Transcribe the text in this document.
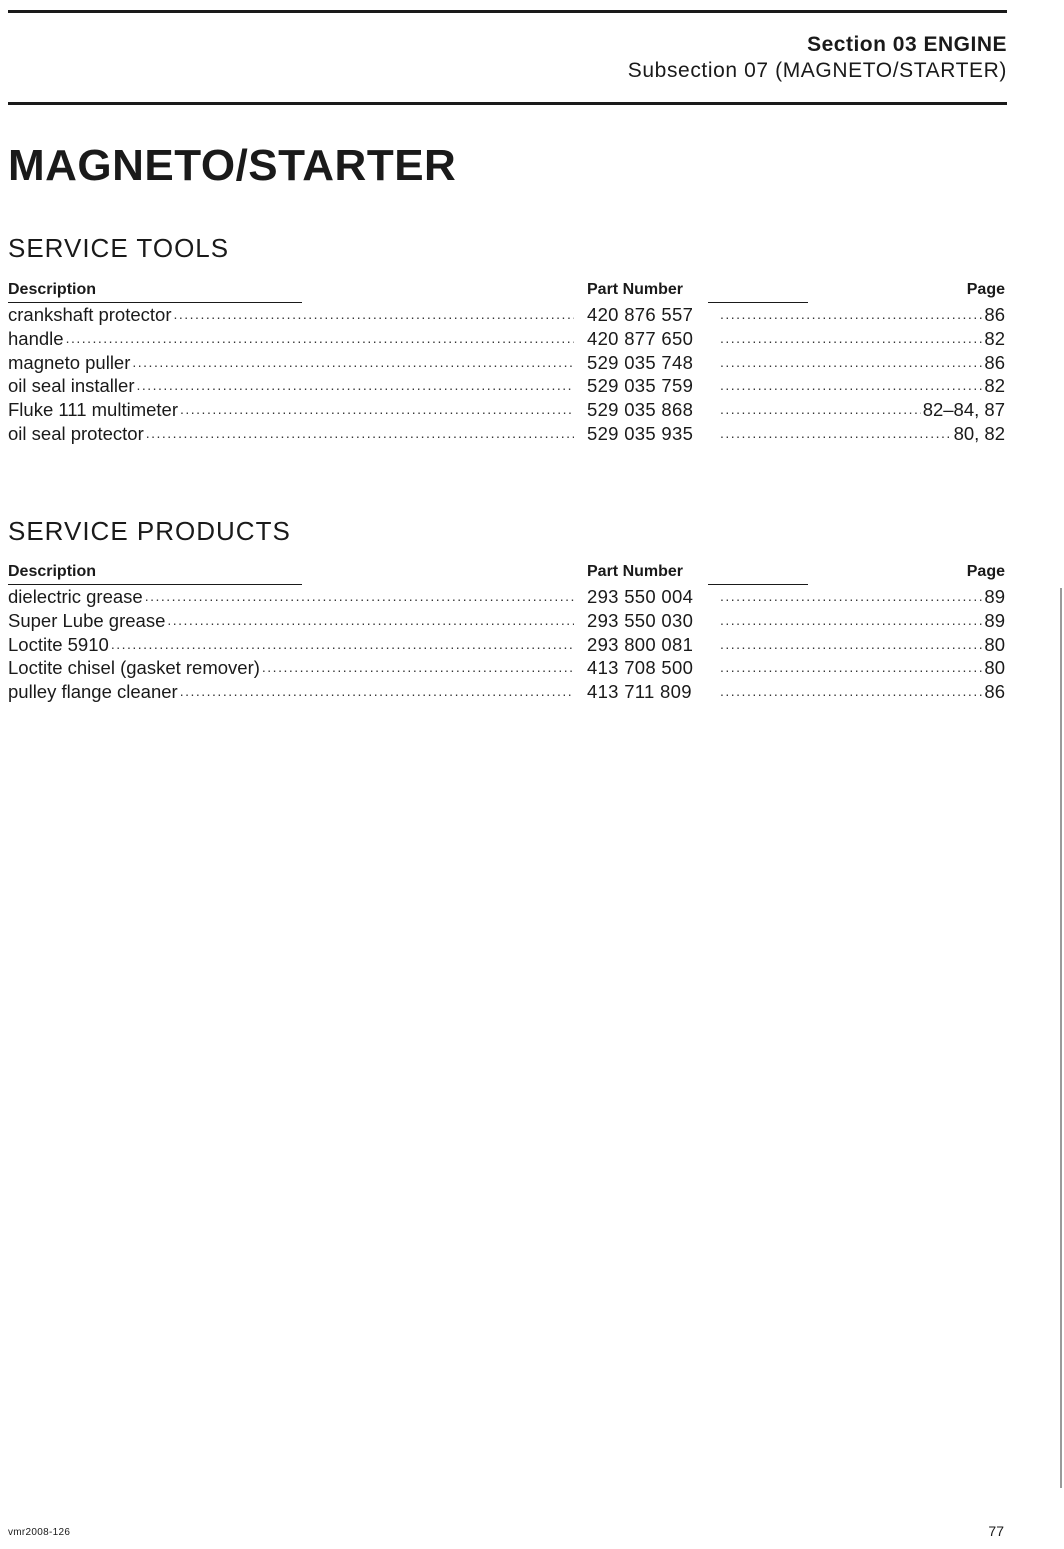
Section 03 ENGINE
Subsection 07 (MAGNETO/STARTER)
MAGNETO/STARTER
SERVICE TOOLS
Description	Part Number	Page
crankshaft protector .....	420 876 557 .....	86
handle .....	420 877 650 .....	82
magneto puller .....	529 035 748 .....	86
oil seal installer .....	529 035 759 .....	82
Fluke 111 multimeter .....	529 035 868 .....	82–84, 87
oil seal protector .....	529 035 935 .....	80, 82
SERVICE PRODUCTS
Description	Part Number	Page
dielectric grease .....	293 550 004 .....	89
Super Lube grease .....	293 550 030 .....	89
Loctite 5910 .....	293 800 081 .....	80
Loctite chisel (gasket remover) .....	413 708 500 .....	80
pulley flange cleaner .....	413 711 809 .....	86
vmr2008-126	77
